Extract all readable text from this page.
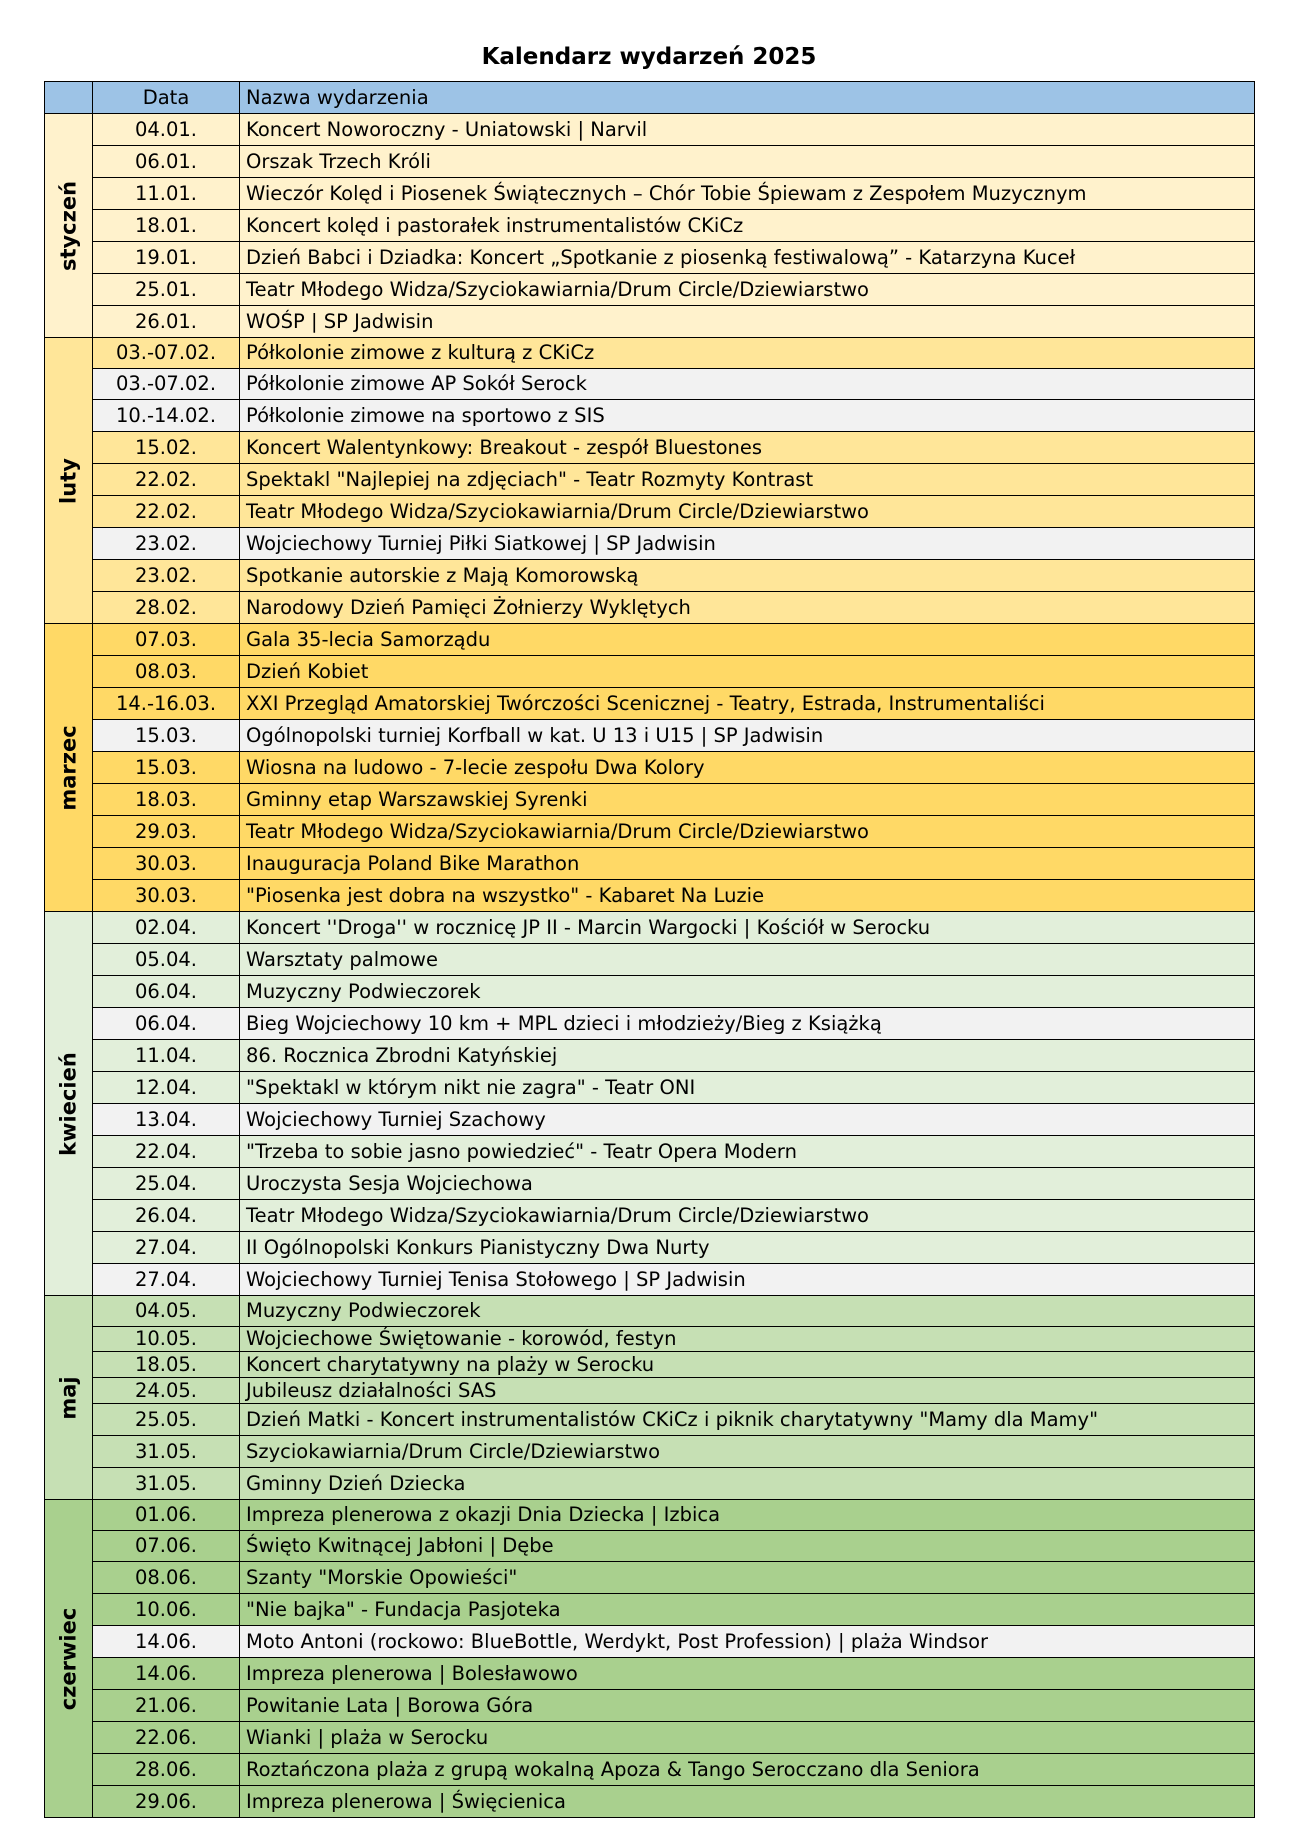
Kalendarz wydarzeń 2025
	Data	Nazwa wydarzenia

styczeń	04.01.	Koncert Noworoczny - Uniatowski | Narvil
	06.01.	Orszak Trzech Króli
	11.01.	Wieczór Kolęd i Piosenek Świątecznych – Chór Tobie Śpiewam z Zespołem Muzycznym
	18.01.	Koncert kolęd i pastorałek instrumentalistów CKiCz
	19.01.	Dzień Babci i Dziadka: Koncert „Spotkanie z piosenką festiwalową” - Katarzyna Kuceł
	25.01.	Teatr Młodego Widza/Szyciokawiarnia/Drum Circle/Dziewiarstwo
	26.01.	WOŚP | SP Jadwisin

luty	03.-07.02.	Półkolonie zimowe z kulturą z CKiCz
	03.-07.02.	Półkolonie zimowe AP Sokół Serock
	10.-14.02.	Półkolonie zimowe na sportowo z SIS
	15.02.	Koncert Walentynkowy: Breakout - zespół Bluestones
	22.02.	Spektakl "Najlepiej na zdjęciach" - Teatr Rozmyty Kontrast
	22.02.	Teatr Młodego Widza/Szyciokawiarnia/Drum Circle/Dziewiarstwo
	23.02.	Wojciechowy Turniej Piłki Siatkowej | SP Jadwisin
	23.02.	Spotkanie autorskie z Mają Komorowską
	28.02.	Narodowy Dzień Pamięci Żołnierzy Wyklętych

marzec	07.03.	Gala 35-lecia Samorządu
	08.03.	Dzień Kobiet
	14.-16.03.	XXI Przegląd Amatorskiej Twórczości Scenicznej - Teatry, Estrada, Instrumentaliści
	15.03.	Ogólnopolski turniej Korfball w kat. U 13 i U15 | SP Jadwisin
	15.03.	Wiosna na ludowo - 7-lecie zespołu Dwa Kolory
	18.03.	Gminny etap Warszawskiej Syrenki
	29.03.	Teatr Młodego Widza/Szyciokawiarnia/Drum Circle/Dziewiarstwo
	30.03.	Inauguracja Poland Bike Marathon
	30.03.	"Piosenka jest dobra na wszystko" - Kabaret Na Luzie

kwiecień	02.04.	Koncert ''Droga'' w rocznicę JP II - Marcin Wargocki | Kościół w Serocku
	05.04.	Warsztaty palmowe
	06.04.	Muzyczny Podwieczorek
	06.04.	Bieg Wojciechowy 10 km + MPL dzieci i młodzieży/Bieg z Książką
	11.04.	86. Rocznica Zbrodni Katyńskiej
	12.04.	"Spektakl w którym nikt nie zagra" - Teatr ONI
	13.04.	Wojciechowy Turniej Szachowy
	22.04.	"Trzeba to sobie jasno powiedzieć" - Teatr Opera Modern
	25.04.	Uroczysta Sesja Wojciechowa
	26.04.	Teatr Młodego Widza/Szyciokawiarnia/Drum Circle/Dziewiarstwo
	27.04.	II Ogólnopolski Konkurs Pianistyczny Dwa Nurty
	27.04.	Wojciechowy Turniej Tenisa Stołowego | SP Jadwisin

maj	04.05.	Muzyczny Podwieczorek
	10.05.	Wojciechowe Świętowanie - korowód, festyn
	18.05.	Koncert charytatywny na plaży w Serocku
	24.05.	Jubileusz działalności SAS
	25.05.	Dzień Matki - Koncert instrumentalistów CKiCz i piknik charytatywny "Mamy dla Mamy"
	31.05.	Szyciokawiarnia/Drum Circle/Dziewiarstwo
	31.05.	Gminny Dzień Dziecka

czerwiec	01.06.	Impreza plenerowa z okazji Dnia Dziecka | Izbica
	07.06.	Święto Kwitnącej Jabłoni | Dębe
	08.06.	Szanty "Morskie Opowieści"
	10.06.	"Nie bajka" - Fundacja Pasjoteka
	14.06.	Moto Antoni (rockowo: BlueBottle, Werdykt, Post Profession) | plaża Windsor
	14.06.	Impreza plenerowa | Bolesławowo
	21.06.	Powitanie Lata | Borowa Góra
	22.06.	Wianki | plaża w Serocku
	28.06.	Roztańczona plaża z grupą wokalną Apoza & Tango Serocczano dla Seniora
	29.06.	Impreza plenerowa | Święcienica
